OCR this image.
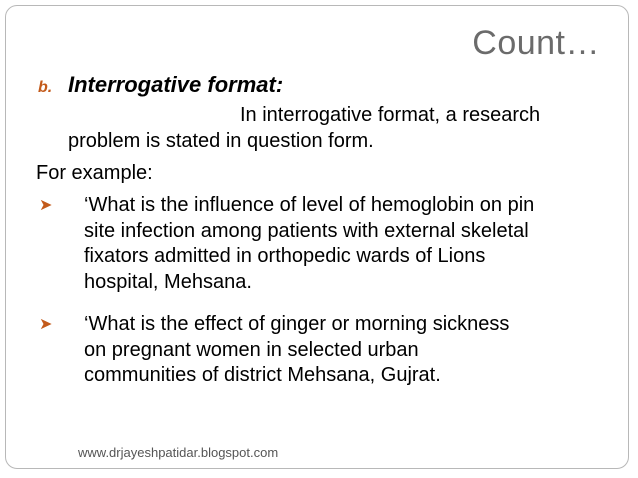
Count…
b. Interrogative format:
In interrogative format, a research
problem is stated in question form.
For example:
➤ ‘What is the influence of level of hemoglobin on pin
site infection among patients with external skeletal
fixators admitted in orthopedic wards of Lions
hospital, Mehsana.
➤ ‘What is the effect of ginger or morning sickness
on pregnant women in selected urban
communities of district Mehsana, Gujrat.
www.drjayeshpatidar.blogspot.com
